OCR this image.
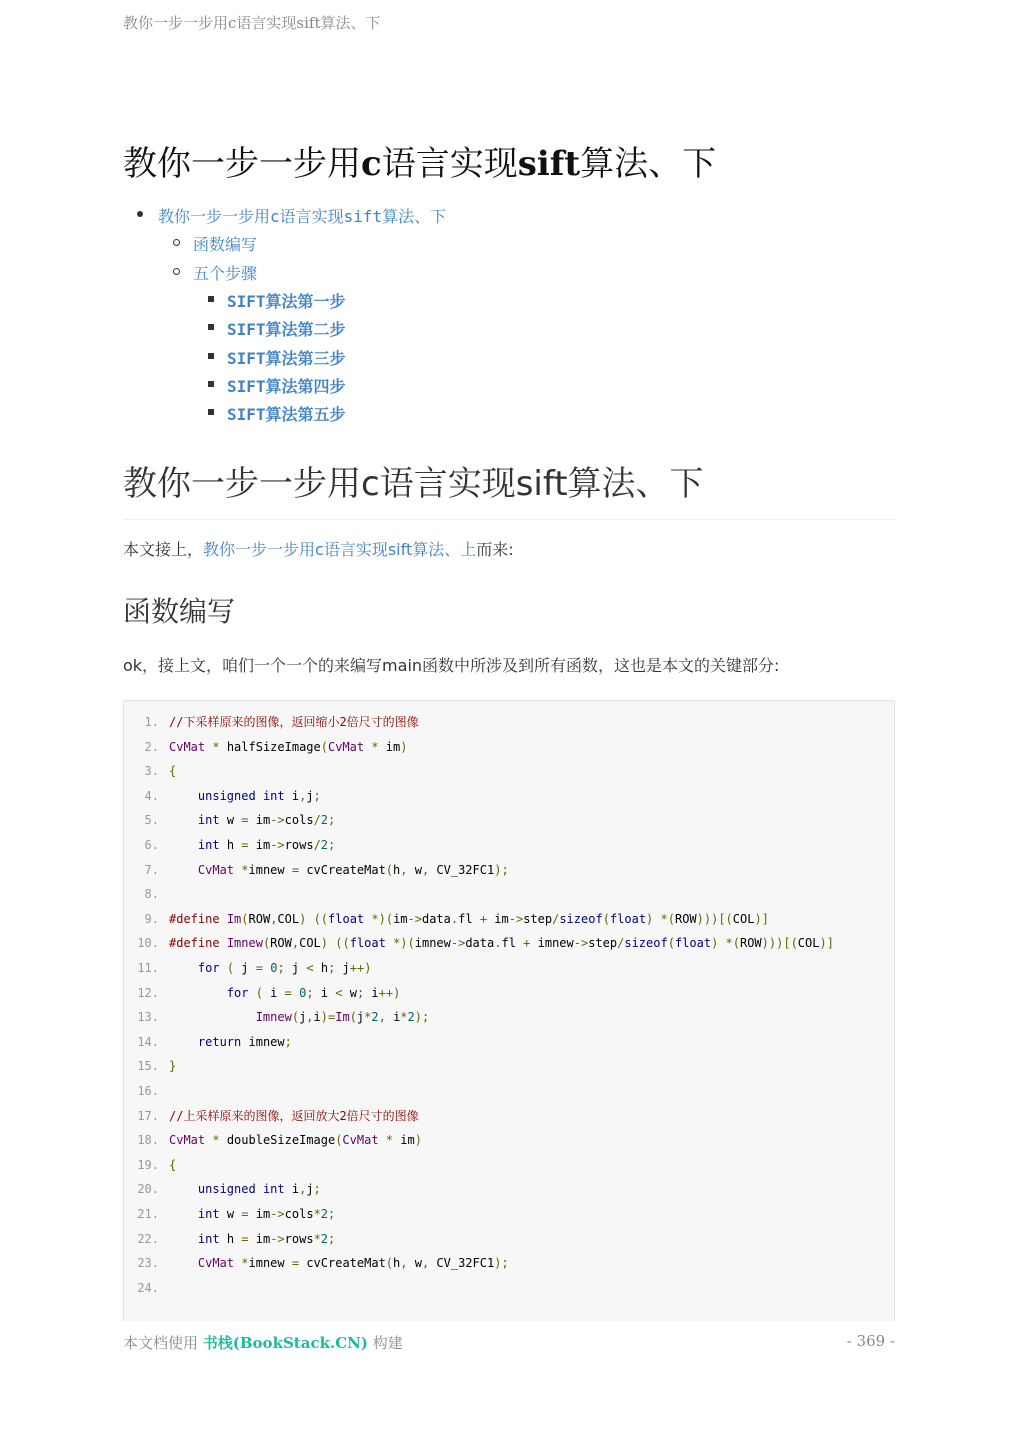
教你一步一步用c语言实现sift算法、下
教你一步一步用c语言实现sift算法、下
教你一步一步用c语言实现sift算法、下
函数编写
五个步骤
SIFT算法第一步
SIFT算法第二步
SIFT算法第三步
SIFT算法第四步
SIFT算法第五步
教你一步一步用c语言实现sift算法、下
本文接上，教你一步一步用c语言实现sift算法、上而来:
函数编写
ok，接上文，咱们一个一个的来编写main函数中所涉及到所有函数，这也是本文的关键部分:
1. //下采样原来的图像，返回缩小2倍尺寸的图像
2. CvMat * halfSizeImage(CvMat * im)
3. {
4.	unsigned int i,j;
5.	int w = im->cols/2;
6.	int h = im->rows/2;
7.	CvMat *imnew = cvCreateMat(h, w, CV_32FC1);
8.
9. #define Im(ROW,COL) ((float *)(im->data.fl + im->step/sizeof(float) *(ROW)))[(COL)]
10. #define Imnew(ROW,COL) ((float *)(imnew->data.fl + imnew->step/sizeof(float) *(ROW)))[(COL)]
11.	for ( j = 0; j < h; j++)
12.	for ( i = 0; i < w; i++)
13.	Imnew(j,i)=Im(j*2, i*2);
14.	return imnew;
15. }
16.
17. //上采样原来的图像，返回放大2倍尺寸的图像
18. CvMat * doubleSizeImage(CvMat * im)
19. {
20.	unsigned int i,j;
21.	int w = im->cols*2;
22.	int h = im->rows*2;
23.	CvMat *imnew = cvCreateMat(h, w, CV_32FC1);
24.
本文档使用 书栈(BookStack.CN) 构建	- 369 -
